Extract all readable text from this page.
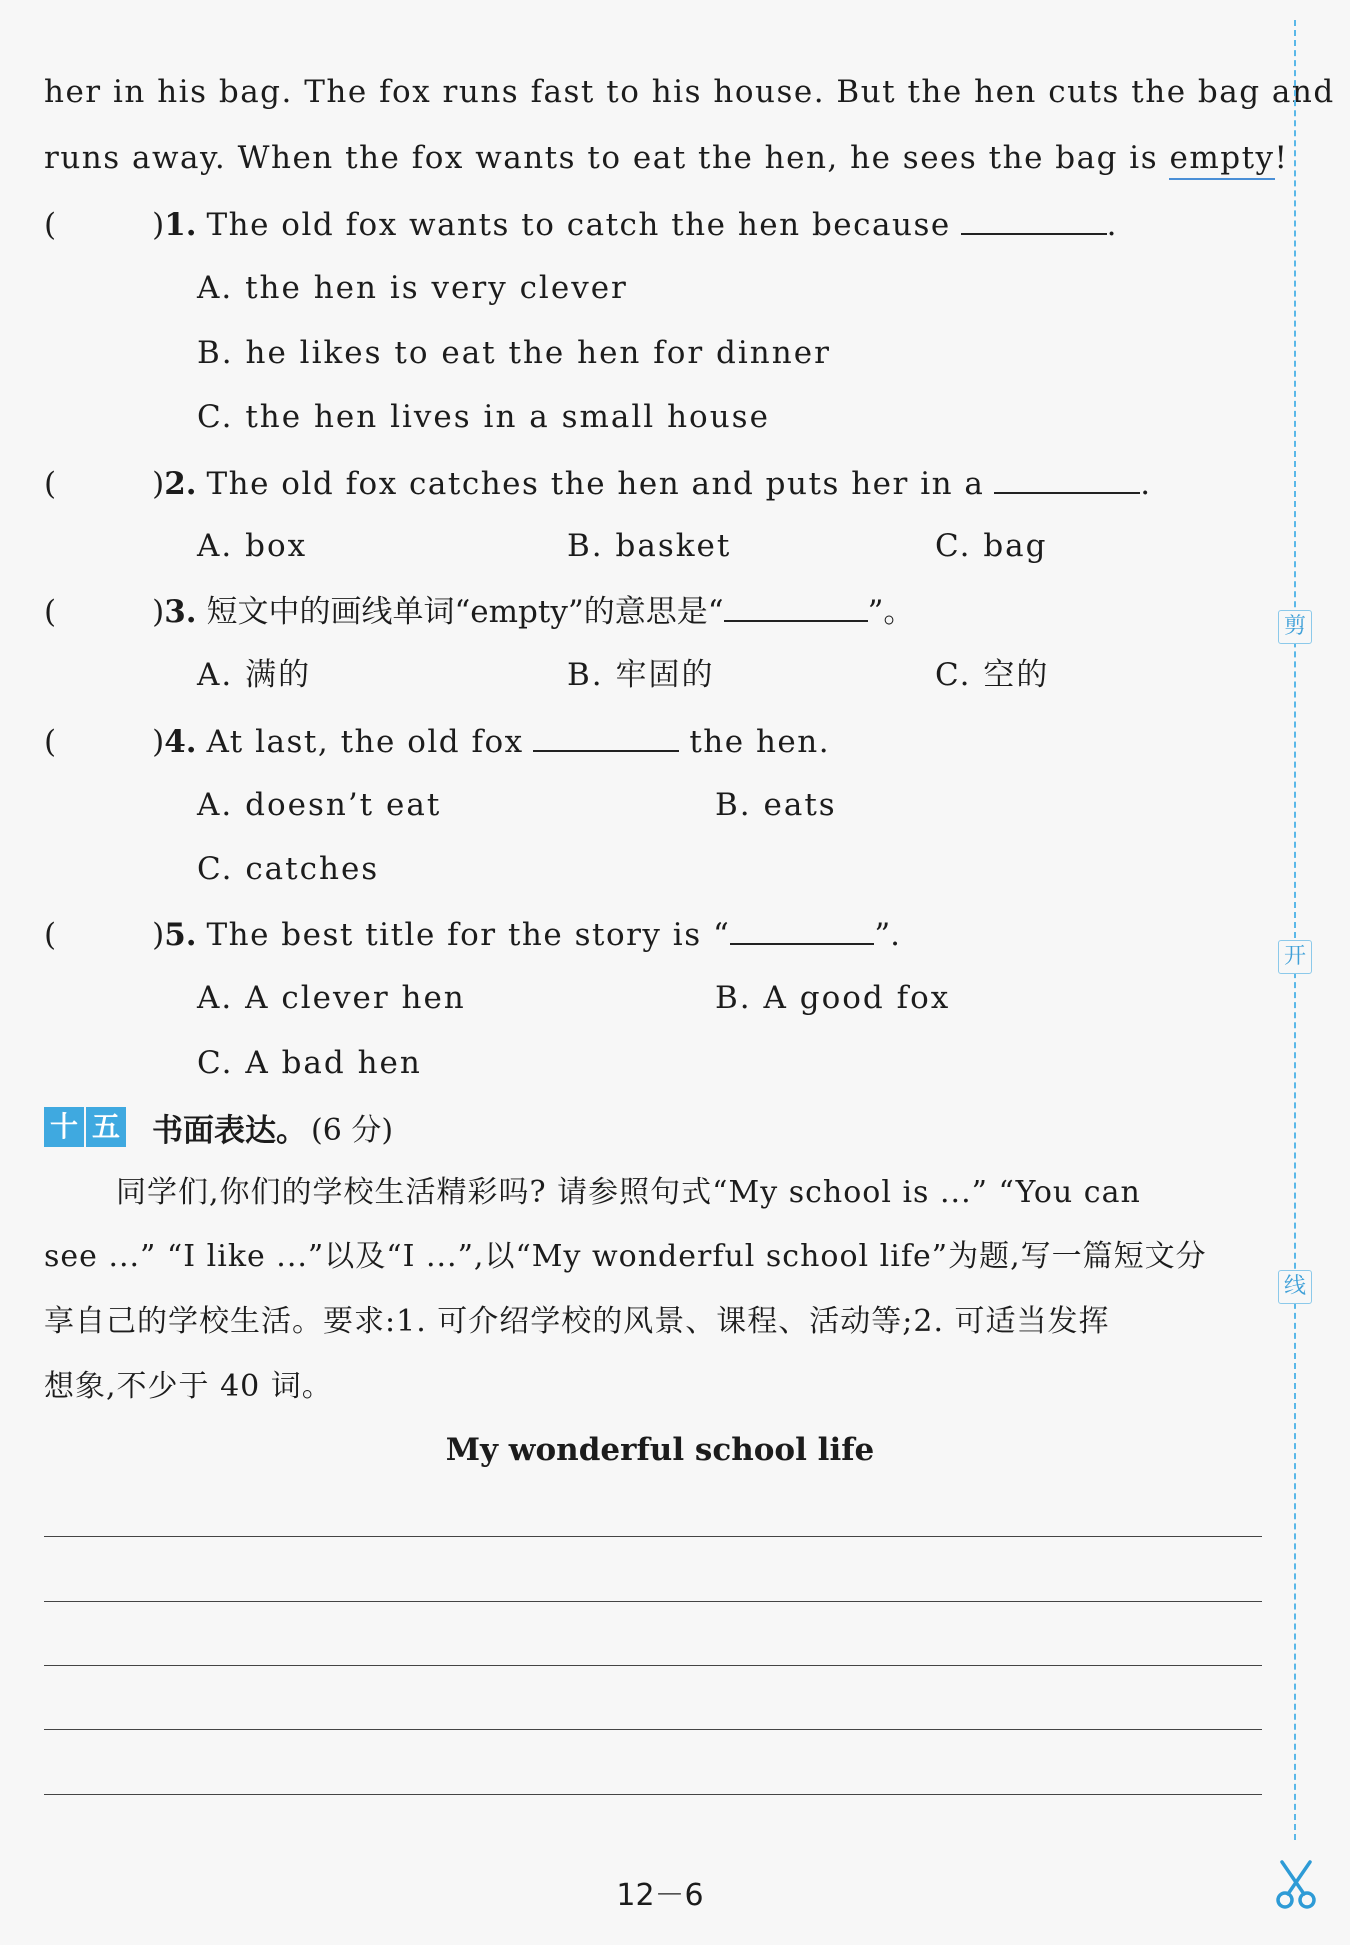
her in his bag. The fox runs fast to his house. But the hen cuts the bag and
runs away. When the fox wants to eat the hen, he sees the bag is empty!
(	)1. The old fox wants to catch the hen because	.
A. the hen is very clever
B. he likes to eat the hen for dinner
C. the hen lives in a small house
(	)2. The old fox catches the hen and puts her in a	.
A. box	B. basket	C. bag
(	)3. 短文中的画线单词“empty”的意思是“	”。
A. 满的	B. 牢固的	C. 空的
(	)4. At last, the old fox	the hen.
A. doesn’t eat	B. eats
C. catches
(	)5. The best title for the story is “	”.
A. A clever hen	B. A good fox
C. A bad hen
十 五 书面表达。 (6 分)
同学们,你们的学校生活精彩吗? 请参照句式“My school is ...” “You can
see ...” “I like ...”以及“I ...”,以“My wonderful school life”为题,写一篇短文分
享自己的学校生活。要求:1. 可介绍学校的风景、课程、活动等;2. 可适当发挥
想象,不少于 40 词。
My wonderful school life
12－6
剪
开
线
